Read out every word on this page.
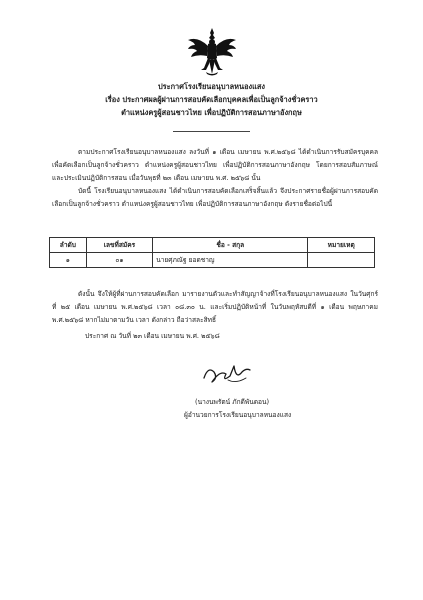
ประกาศโรงเรียนอนุบาลหนองแสง
เรื่อง ประกาศผลผู้ผ่านการสอบคัดเลือกบุคคลเพื่อเป็นลูกจ้างชั่วคราว
ตำแหน่งครูผู้สอนชาวไทย เพื่อปฏิบัติการสอนภาษาอังกฤษ
ตามประกาศโรงเรียนอนุบาลหนองแสง ลงวันที่ ๑ เดือน เมษายน พ.ศ.๒๕๖๘ ได้ดำเนินการรับสมัครบุคคลเพื่อคัดเลือกเป็นลูกจ้างชั่วคราว ตำแหน่งครูผู้สอนชาวไทย เพื่อปฏิบัติการสอนภาษาอังกฤษ โดยการสอบสัมภาษณ์ และประเมินปฏิบัติการสอน เมื่อวันพุธที่ ๒๓ เดือน เมษายน พ.ศ. ๒๕๖๘ นั้น
บัดนี้ โรงเรียนอนุบาลหนองแสง ได้ดำเนินการสอบคัดเลือกเสร็จสิ้นแล้ว จึงประกาศรายชื่อผู้ผ่านการสอบคัดเลือกเป็นลูกจ้างชั่วคราว ตำแหน่งครูผู้สอนชาวไทย เพื่อปฏิบัติการสอนภาษาอังกฤษ ดังรายชื่อต่อไปนี้
ลำดับ	เลขที่สมัคร	ชื่อ - สกุล	หมายเหตุ
๑	๐๑	นายศุภณัฐ ยอดชาญ	
ดังนั้น จึงให้ผู้ที่ผ่านการสอบคัดเลือก มารายงานตัวและทำสัญญาจ้างที่โรงเรียนอนุบาลหนองแสง ในวันศุกร์ที่ ๒๕ เดือน เมษายน พ.ศ.๒๕๖๘ เวลา ๐๘.๓๐ น. และเริ่มปฏิบัติหน้าที่ ในวันพฤหัสบดีที่ ๑ เดือน พฤษภาคม พ.ศ.๒๕๖๘ หากไม่มาตามวัน เวลา ดังกล่าว ถือว่าสละสิทธิ์
ประกาศ ณ วันที่ ๒๓ เดือน เมษายน พ.ศ. ๒๕๖๘
(นางนพรัตน์ ภักดีพันดอน)
ผู้อำนวยการโรงเรียนอนุบาลหนองแสง
